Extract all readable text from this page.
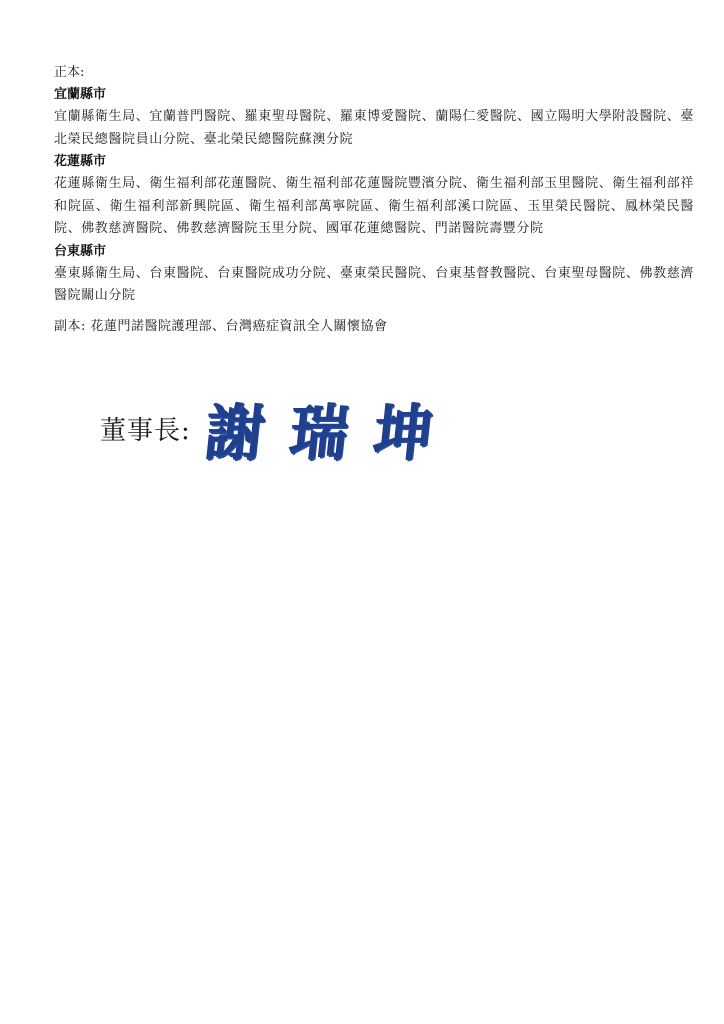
正本:

宜蘭縣市

宜蘭縣衛生局、宜蘭普門醫院、羅東聖母醫院、羅東博愛醫院、蘭陽仁愛醫院、國立陽明大學附設醫院、臺北榮民總醫院員山分院、臺北榮民總醫院蘇澳分院

花蓮縣市

花蓮縣衛生局、衛生福利部花蓮醫院、衛生福利部花蓮醫院豐濱分院、衛生福利部玉里醫院、衛生福利部祥和院區、衛生福利部新興院區、衛生福利部萬寧院區、衛生福利部溪口院區、玉里榮民醫院、鳳林榮民醫院、佛教慈濟醫院、佛教慈濟醫院玉里分院、國軍花蓮總醫院、門諾醫院壽豐分院

台東縣市

臺東縣衛生局、台東醫院、台東醫院成功分院、臺東榮民醫院、台東基督教醫院、台東聖母醫院、佛教慈濟醫院關山分院

副本: 花蓮門諾醫院護理部、台灣癌症資訊全人關懷協會

董事長: 謝瑞坤
